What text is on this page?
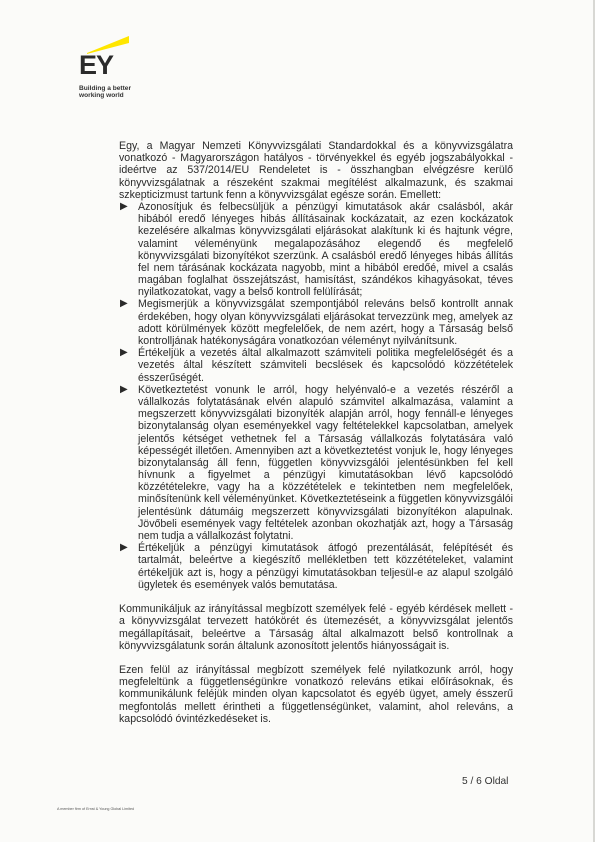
EY
Building a better
working world

Egy, a Magyar Nemzeti Könyvvizsgálati Standardokkal és a könyvvizsgálatra vonatkozó - Magyarországon hatályos - törvényekkel és egyéb jogszabályokkal - ideértve az 537/2014/EU Rendeletet is - összhangban elvégzésre kerülő könyvvizsgálatnak a részeként szakmai megítélést alkalmazunk, és szakmai szkepticizmust tartunk fenn a könyvvizsgálat egésze során. Emellett:

▶ Azonosítjuk és felbecsüljük a pénzügyi kimutatások akár csalásból, akár hibából eredő lényeges hibás állításainak kockázatait, az ezen kockázatok kezelésére alkalmas könyvvizsgálati eljárásokat alakítunk ki és hajtunk végre, valamint véleményünk megalapozásához elegendő és megfelelő könyvvizsgálati bizonyítékot szerzünk. A csalásból eredő lényeges hibás állítás fel nem tárásának kockázata nagyobb, mint a hibából eredőé, mivel a csalás magában foglalhat összejátszást, hamisítást, szándékos kihagyásokat, téves nyilatkozatokat, vagy a belső kontroll felülírását;
▶ Megismerjük a könyvvizsgálat szempontjából releváns belső kontrollt annak érdekében, hogy olyan könyvvizsgálati eljárásokat tervezzünk meg, amelyek az adott körülmények között megfelelőek, de nem azért, hogy a Társaság belső kontrolljának hatékonyságára vonatkozóan véleményt nyilvánítsunk.
▶ Értékeljük a vezetés által alkalmazott számviteli politika megfelelőségét és a vezetés által készített számviteli becslések és kapcsolódó közzétételek ésszerűségét.
▶ Következtetést vonunk le arról, hogy helyénvaló-e a vezetés részéről a vállalkozás folytatásának elvén alapuló számvitel alkalmazása, valamint a megszerzett könyvvizsgálati bizonyíték alapján arról, hogy fennáll-e lényeges bizonytalanság olyan eseményekkel vagy feltételekkel kapcsolatban, amelyek jelentős kétséget vethetnek fel a Társaság vállalkozás folytatására való képességét illetően. Amennyiben azt a következtetést vonjuk le, hogy lényeges bizonytalanság áll fenn, független könyvvizsgálói jelentésünkben fel kell hívnunk a figyelmet a pénzügyi kimutatásokban lévő kapcsolódó közzétételekre, vagy ha a közzétételek e tekintetben nem megfelelőek, minősítenünk kell véleményünket. Következtetéseink a független könyvvizsgálói jelentésünk dátumáig megszerzett könyvvizsgálati bizonyítékon alapulnak. Jövőbeli események vagy feltételek azonban okozhatják azt, hogy a Társaság nem tudja a vállalkozást folytatni.
▶ Értékeljük a pénzügyi kimutatások átfogó prezentálását, felépítését és tartalmát, beleértve a kiegészítő mellékletben tett közzétételeket, valamint értékeljük azt is, hogy a pénzügyi kimutatásokban teljesül-e az alapul szolgáló ügyletek és események valós bemutatása.

Kommunikáljuk az irányítással megbízott személyek felé - egyéb kérdések mellett - a könyvvizsgálat tervezett hatókörét és ütemezését, a könyvvizsgálat jelentős megállapításait, beleértve a Társaság által alkalmazott belső kontrollnak a könyvvizsgálatunk során általunk azonosított jelentős hiányosságait is.

Ezen felül az irányítással megbízott személyek felé nyilatkozunk arról, hogy megfeleltünk a függetlenségünkre vonatkozó releváns etikai előírásoknak, és kommunikálunk feléjük minden olyan kapcsolatot és egyéb ügyet, amely ésszerű megfontolás mellett érintheti a függetlenségünket, valamint, ahol releváns, a kapcsolódó óvintézkedéseket is.

5 / 6 Oldal
A member firm of Ernst & Young Global Limited
